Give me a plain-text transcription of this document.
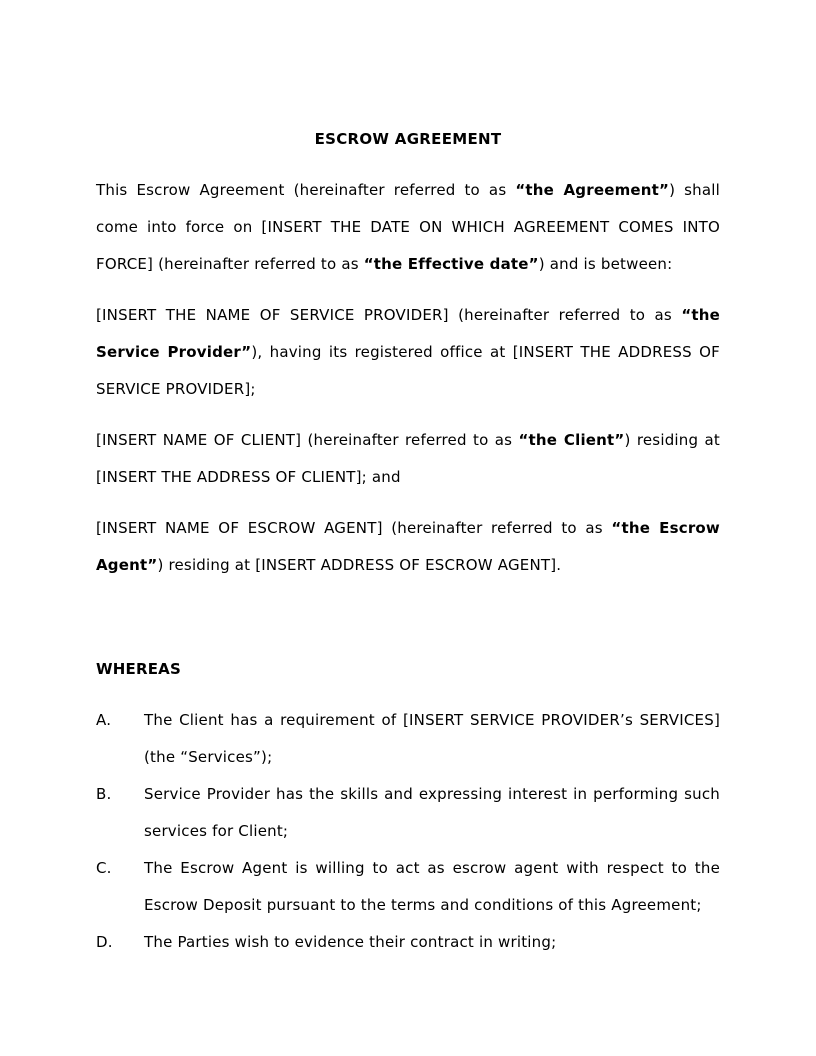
ESCROW AGREEMENT

This Escrow Agreement (hereinafter referred to as “the Agreement”) shall come into force on [INSERT THE DATE ON WHICH AGREEMENT COMES INTO FORCE] (hereinafter referred to as “the Effective date”) and is between:

[INSERT THE NAME OF SERVICE PROVIDER] (hereinafter referred to as “the Service Provider”), having its registered office at [INSERT THE ADDRESS OF SERVICE PROVIDER];

[INSERT NAME OF CLIENT] (hereinafter referred to as “the Client”) residing at [INSERT THE ADDRESS OF CLIENT]; and

[INSERT NAME OF ESCROW AGENT] (hereinafter referred to as “the Escrow Agent”) residing at [INSERT ADDRESS OF ESCROW AGENT].

WHEREAS

A.	The Client has a requirement of [INSERT SERVICE PROVIDER’s SERVICES] (the “Services”);
B.	Service Provider has the skills and expressing interest in performing such services for Client;
C.	The Escrow Agent is willing to act as escrow agent with respect to the Escrow Deposit pursuant to the terms and conditions of this Agreement;
D.	The Parties wish to evidence their contract in writing;
